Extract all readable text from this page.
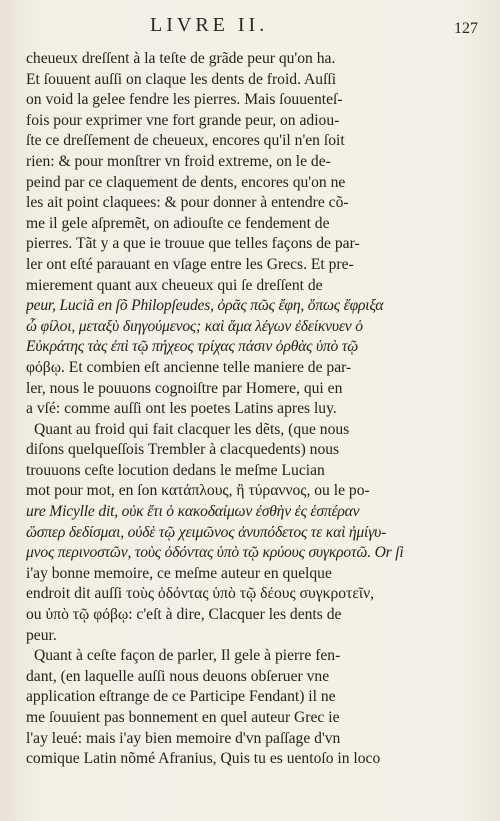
LIVRE II.	127
cheueux dreſſent à la teſte de grãde peur qu'on ha.
Et ſouuent auſſi on claque les dents de froid. Auſſi
on void la gelee fendre les pierres. Mais ſouuenteſ-
fois pour exprimer vne fort grande peur, on adiou-
ſte ce dreſſement de cheueux, encores qu'il n'en ſoit
rien: & pour monſtrer vn froid extreme, on le de-
peind par ce claquement de dents, encores qu'on ne
les ait point claquees: & pour donner à entendre cõ-
me il gele aſpremẽt, on adiouſte ce fendement de
pierres. Tãt y a que ie trouue que telles façons de par-
ler ont eſté parauant en vſage entre les Grecs. Et pre-
mierement quant aux cheueux qui ſe dreſſent de
peur, Luciã en ſõ Philopſeudes, ὀρᾶς πῶς ἔφη, ὅπως ἔφριξα
ὦ φίλοι, μεταξὺ διηγούμενος; καὶ ἅμα λέγων ἐδείκνυεν ὁ
Εὐκράτης τὰς ἐπὶ τῷ πήχεος τρίχας πάσιν ὀρθὰς ὑπὸ τῷ
φόβῳ. Et combien eſt ancienne telle maniere de par-
ler, nous le pouuons cognoiſtre par Homere, qui en
a vſé: comme auſſi ont les poetes Latins apres luy.
Quant au froid qui fait clacquer les dẽts, (que nous
diſons quelqueſſois Trembler à clacquedents) nous
trouuons ceſte locution dedans le meſme Lucian
mot pour mot, en ſon κατάπλους, ἢ τύραννος, ou le po-
ure Micylle dit, οὐκ ἔτι ὁ κακοδαίμων ἐσθὴν ἐς ἑσπέραν
ὥσπερ δεδίσμαι, οὐδὲ τῷ χειμῶνος ἀνυπόδετος τε καὶ ἠμίγυ-
μνος περινοστῶν, τοὺς ὀδόντας ὑπὸ τῷ κρύους συγκροτῶ. Or ſi
i'ay bonne memoire, ce meſme auteur en quelque
endroit dit auſſi τοὺς ὀδόντας ὑπὸ τῷ δέους συγκροτεῖν,
ou ὑπὸ τῷ φόβῳ: c'eſt à dire, Clacquer les dents de
peur.
Quant à ceſte façon de parler, Il gele à pierre fen-
dant, (en laquelle auſſi nous deuons obſeruer vne
application eſtrange de ce Participe Fendant) il ne
me ſouuient pas bonnement en quel auteur Grec ie
l'ay leué: mais i'ay bien memoire d'vn paſſage d'vn
comique Latin nõmé Afranius, Quis tu es uentoſo in loco
